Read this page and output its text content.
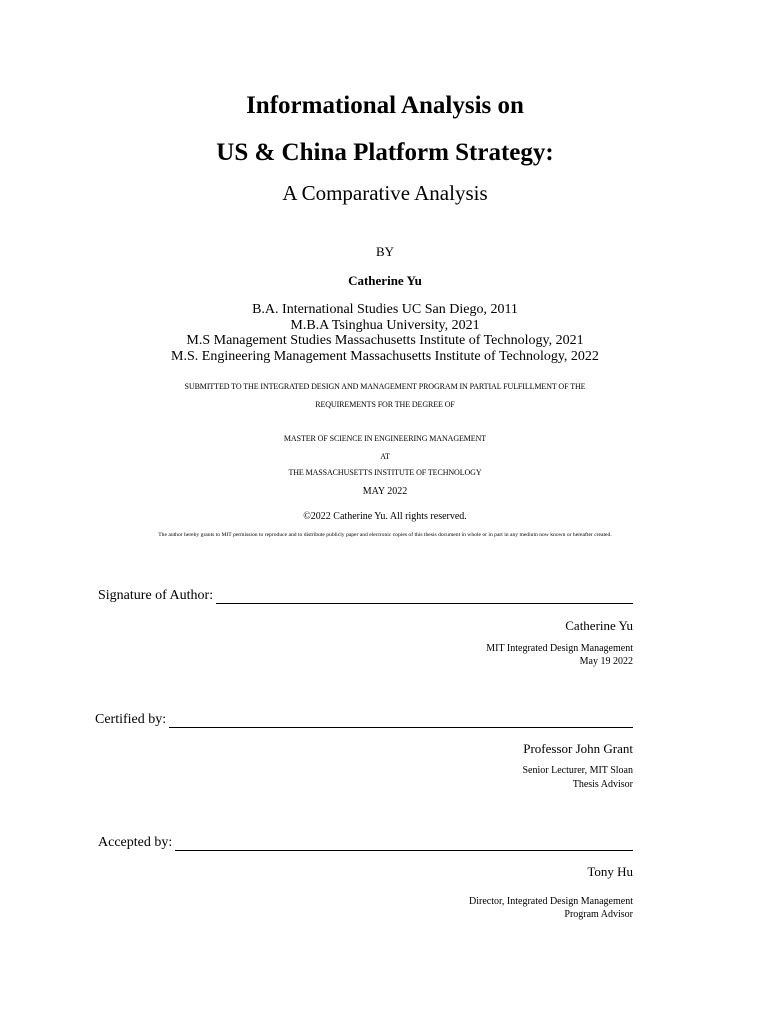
Informational Analysis on
US & China Platform Strategy:
A Comparative Analysis
BY
Catherine Yu
B.A. International Studies UC San Diego, 2011
M.B.A Tsinghua University, 2021
M.S Management Studies Massachusetts Institute of Technology, 2021
M.S. Engineering Management Massachusetts Institute of Technology, 2022
SUBMITTED TO THE INTEGRATED DESIGN AND MANAGEMENT PROGRAM IN PARTIAL FULFILLMENT OF THE
REQUIREMENTS FOR THE DEGREE OF
MASTER OF SCIENCE IN ENGINEERING MANAGEMENT
AT
THE MASSACHUSETTS INSTITUTE OF TECHNOLOGY
MAY 2022
©2022 Catherine Yu. All rights reserved.
The author hereby grants to MIT permission to reproduce and to distribute publicly paper and electronic copies of this thesis document in whole or in part in any medium now known or hereafter created.
Signature of Author:
Catherine Yu
MIT Integrated Design Management
May 19 2022
Certified by:
Professor John Grant
Senior Lecturer, MIT Sloan
Thesis Advisor
Accepted by:
Tony Hu
Director, Integrated Design Management
Program Advisor
